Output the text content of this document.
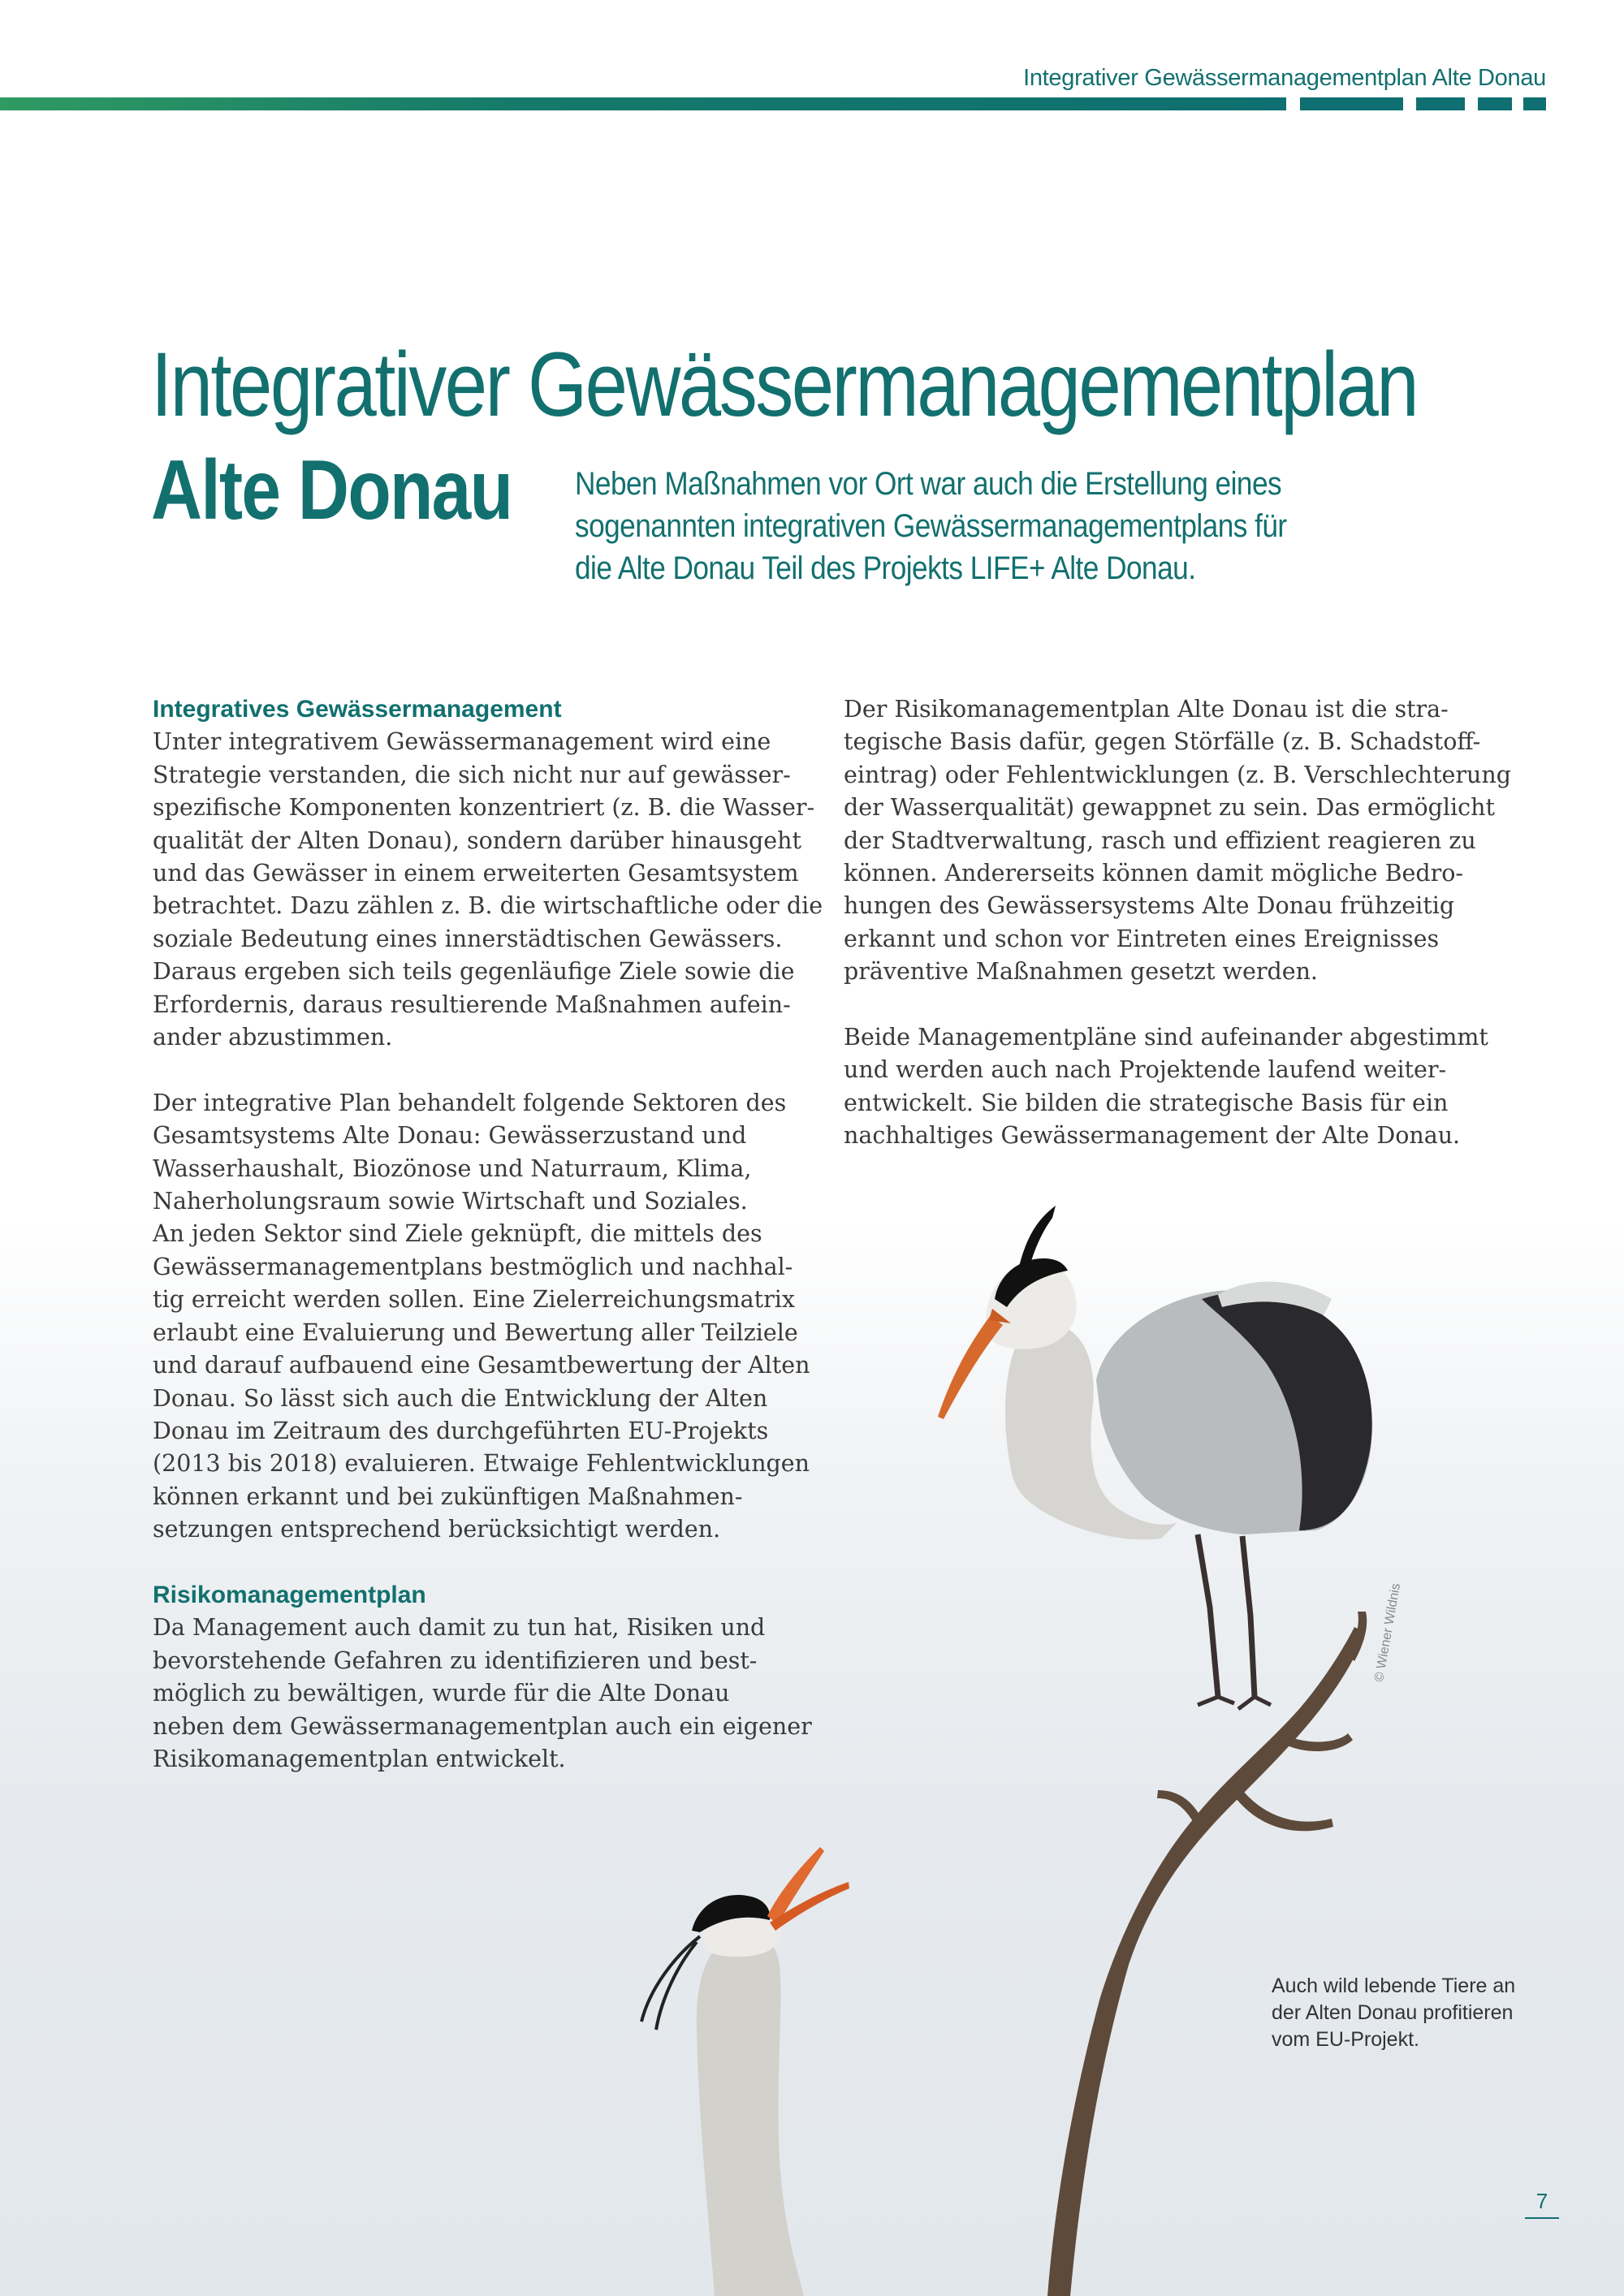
Integrativer Gewässermanagementplan Alte Donau
Integrativer Gewässermanagementplan
Alte Donau Neben Maßnahmen vor Ort war auch die Erstellung eines
sogenannten integrativen Gewässermanagementplans für
die Alte Donau Teil des Projekts LIFE+ Alte Donau.
Integratives Gewässermanagement
Unter integrativem Gewässermanagement wird eine
Strategie verstanden, die sich nicht nur auf gewässer-
spezifische Komponenten konzentriert (z. B. die Wasser-
qualität der Alten Donau), sondern darüber hinausgeht
und das Gewässer in einem erweiterten Gesamtsystem
betrachtet. Dazu zählen z. B. die wirtschaftliche oder die
soziale Bedeutung eines innerstädtischen Gewässers.
Daraus ergeben sich teils gegenläufige Ziele sowie die
Erfordernis, daraus resultierende Maßnahmen aufein-
ander abzustimmen.
Der integrative Plan behandelt folgende Sektoren des
Gesamtsystems Alte Donau: Gewässerzustand und
Wasserhaushalt, Biozönose und Naturraum, Klima,
Naherholungsraum sowie Wirtschaft und Soziales.
An jeden Sektor sind Ziele geknüpft, die mittels des
Gewässermanagementplans bestmöglich und nachhal-
tig erreicht werden sollen. Eine Zielerreichungsmatrix
erlaubt eine Evaluierung und Bewertung aller Teilziele
und darauf aufbauend eine Gesamtbewertung der Alten
Donau. So lässt sich auch die Entwicklung der Alten
Donau im Zeitraum des durchgeführten EU-Projekts
(2013 bis 2018) evaluieren. Etwaige Fehlentwicklungen
können erkannt und bei zukünftigen Maßnahmen-
setzungen entsprechend berücksichtigt werden.
Risikomanagementplan
Da Management auch damit zu tun hat, Risiken und
bevorstehende Gefahren zu identifizieren und best-
möglich zu bewältigen, wurde für die Alte Donau
neben dem Gewässermanagementplan auch ein eigener
Risikomanagementplan entwickelt.
Der Risikomanagementplan Alte Donau ist die stra-
tegische Basis dafür, gegen Störfälle (z. B. Schadstoff-
eintrag) oder Fehlentwicklungen (z. B. Verschlechterung
der Wasserqualität) gewappnet zu sein. Das ermöglicht
der Stadtverwaltung, rasch und effizient reagieren zu
können. Andererseits können damit mögliche Bedro-
hungen des Gewässersystems Alte Donau frühzeitig
erkannt und schon vor Eintreten eines Ereignisses
präventive Maßnahmen gesetzt werden.
Beide Managementpläne sind aufeinander abgestimmt
und werden auch nach Projektende laufend weiter-
entwickelt. Sie bilden die strategische Basis für ein
nachhaltiges Gewässermanagement der Alte Donau.
© Wiener Wildnis
Auch wild lebende Tiere an
der Alten Donau profitieren
vom EU-Projekt.
7
